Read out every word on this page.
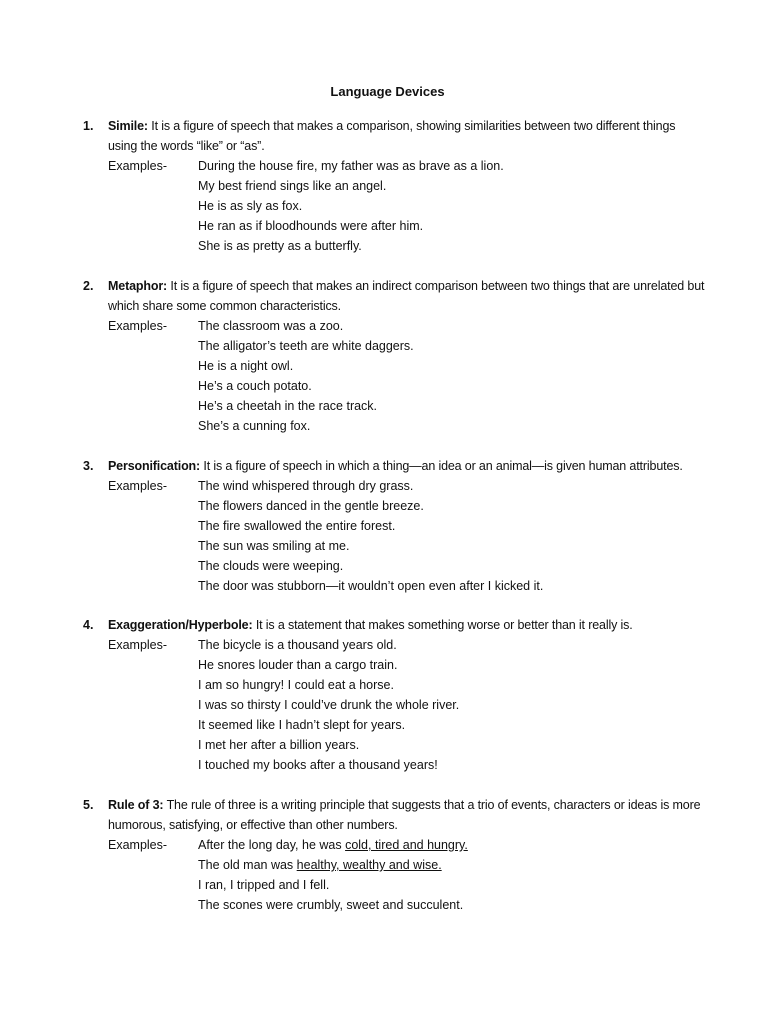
Language Devices
1. Simile: It is a figure of speech that makes a comparison, showing similarities between two different things using the words “like” or “as”.
Examples- During the house fire, my father was as brave as a lion.
My best friend sings like an angel.
He is as sly as fox.
He ran as if bloodhounds were after him.
She is as pretty as a butterfly.
2. Metaphor: It is a figure of speech that makes an indirect comparison between two things that are unrelated but which share some common characteristics.
Examples- The classroom was a zoo.
The alligator’s teeth are white daggers.
He is a night owl.
He’s a couch potato.
He’s a cheetah in the race track.
She’s a cunning fox.
3. Personification: It is a figure of speech in which a thing—an idea or an animal—is given human attributes.
Examples- The wind whispered through dry grass.
The flowers danced in the gentle breeze.
The fire swallowed the entire forest.
The sun was smiling at me.
The clouds were weeping.
The door was stubborn—it wouldn’t open even after I kicked it.
4. Exaggeration/Hyperbole: It is a statement that makes something worse or better than it really is.
Examples- The bicycle is a thousand years old.
He snores louder than a cargo train.
I am so hungry! I could eat a horse.
I was so thirsty I could’ve drunk the whole river.
It seemed like I hadn’t slept for years.
I met her after a billion years.
I touched my books after a thousand years!
5. Rule of 3: The rule of three is a writing principle that suggests that a trio of events, characters or ideas is more humorous, satisfying, or effective than other numbers.
Examples- After the long day, he was cold, tired and hungry.
The old man was healthy, wealthy and wise.
I ran, I tripped and I fell.
The scones were crumbly, sweet and succulent.
